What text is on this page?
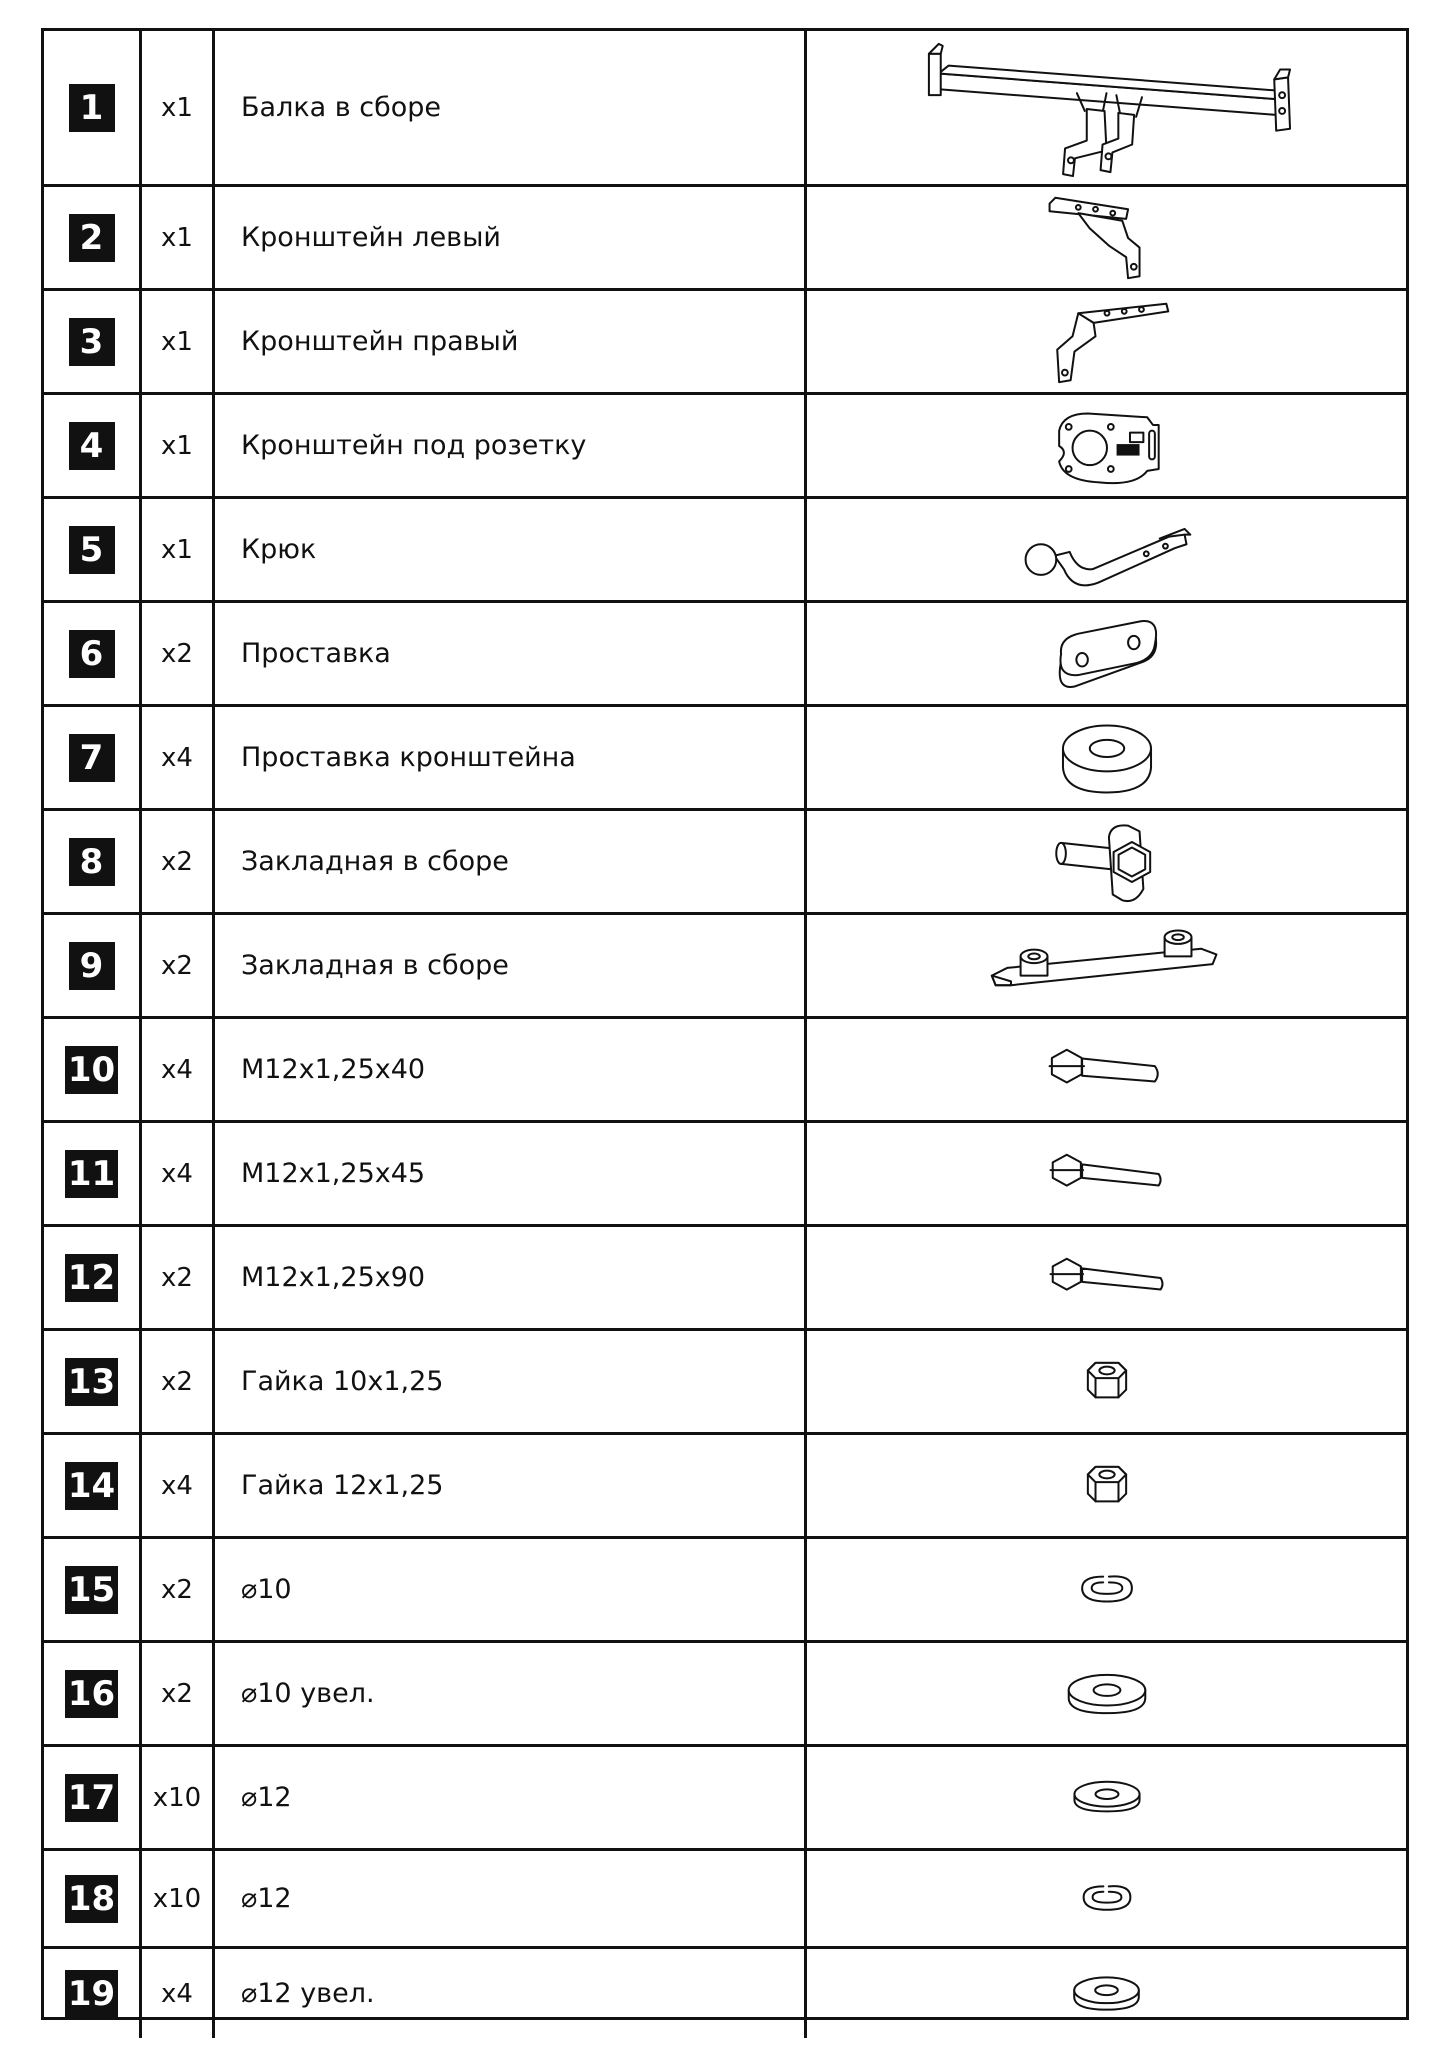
1	x1	Балка в сборе
2	x1	Кронштейн левый
3	x1	Кронштейн правый
4	x1	Кронштейн под розетку
5	x1	Крюк
6	x2	Проставка
7	x4	Проставка кронштейна
8	x2	Закладная в сборе
9	x2	Закладная в сборе
10	x4	М12х1,25х40
11	x4	М12х1,25х45
12	x2	М12х1,25х90
13	x2	Гайка 10х1,25
14	x4	Гайка 12х1,25
15	x2	⌀10
16	x2	⌀10 увел.
17	x10	⌀12
18	x10	⌀12
19	x4	⌀12 увел.
